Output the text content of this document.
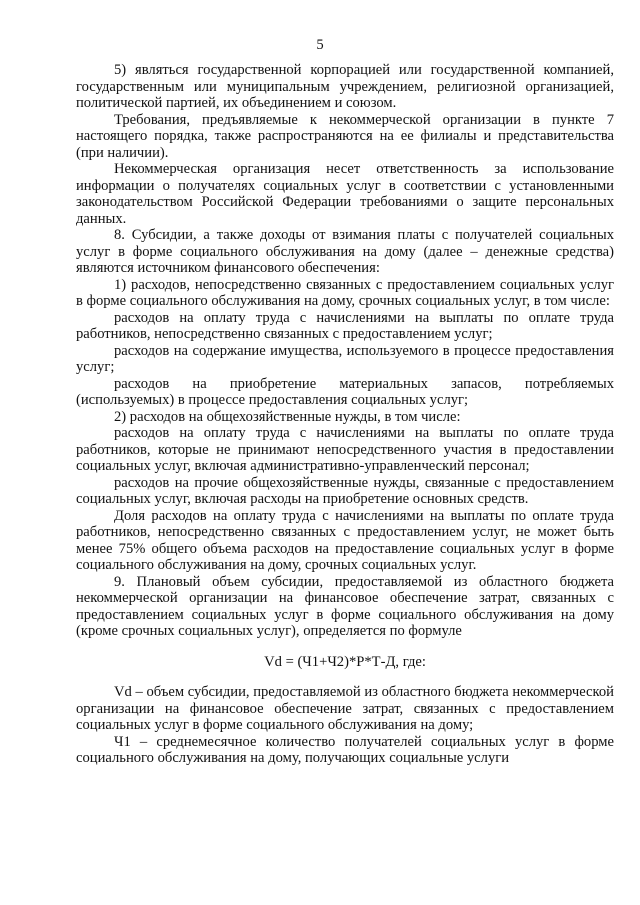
5

5) являться государственной корпорацией или государственной компанией, государственным или муниципальным учреждением, религиозной организацией, политической партией, их объединением и союзом.

Требования, предъявляемые к некоммерческой организации в пункте 7 настоящего порядка, также распространяются на ее филиалы и представительства (при наличии).

Некоммерческая организация несет ответственность за использование информации о получателях социальных услуг в соответствии с установленными законодательством Российской Федерации требованиями о защите персональных данных.

8. Субсидии, а также доходы от взимания платы с получателей социальных услуг в форме социального обслуживания на дому (далее – денежные средства) являются источником финансового обеспечения:

1) расходов, непосредственно связанных с предоставлением социальных услуг в форме социального обслуживания на дому, срочных социальных услуг, в том числе:

расходов на оплату труда с начислениями на выплаты по оплате труда работников, непосредственно связанных с предоставлением услуг;

расходов на содержание имущества, используемого в процессе предоставления услуг;

расходов на приобретение материальных запасов, потребляемых (используемых) в процессе предоставления социальных услуг;

2) расходов на общехозяйственные нужды, в том числе:

расходов на оплату труда с начислениями на выплаты по оплате труда работников, которые не принимают непосредственного участия в предоставлении социальных услуг, включая административно-управленческий персонал;

расходов на прочие общехозяйственные нужды, связанные с предоставлением социальных услуг, включая расходы на приобретение основных средств.

Доля расходов на оплату труда с начислениями на выплаты по оплате труда работников, непосредственно связанных с предоставлением услуг, не может быть менее 75% общего объема расходов на предоставление социальных услуг в форме социального обслуживания на дому, срочных социальных услуг.

9. Плановый объем субсидии, предоставляемой из областного бюджета некоммерческой организации на финансовое обеспечение затрат, связанных с предоставлением социальных услуг в форме социального обслуживания на дому (кроме срочных социальных услуг), определяется по формуле

Vd = (Ч1+Ч2)*Р*Т-Д, где:

Vd – объем субсидии, предоставляемой из областного бюджета некоммерческой организации на финансовое обеспечение затрат, связанных с предоставлением социальных услуг в форме социального обслуживания на дому;

Ч1 – среднемесячное количество получателей социальных услуг в форме социального обслуживания на дому, получающих социальные услуги
